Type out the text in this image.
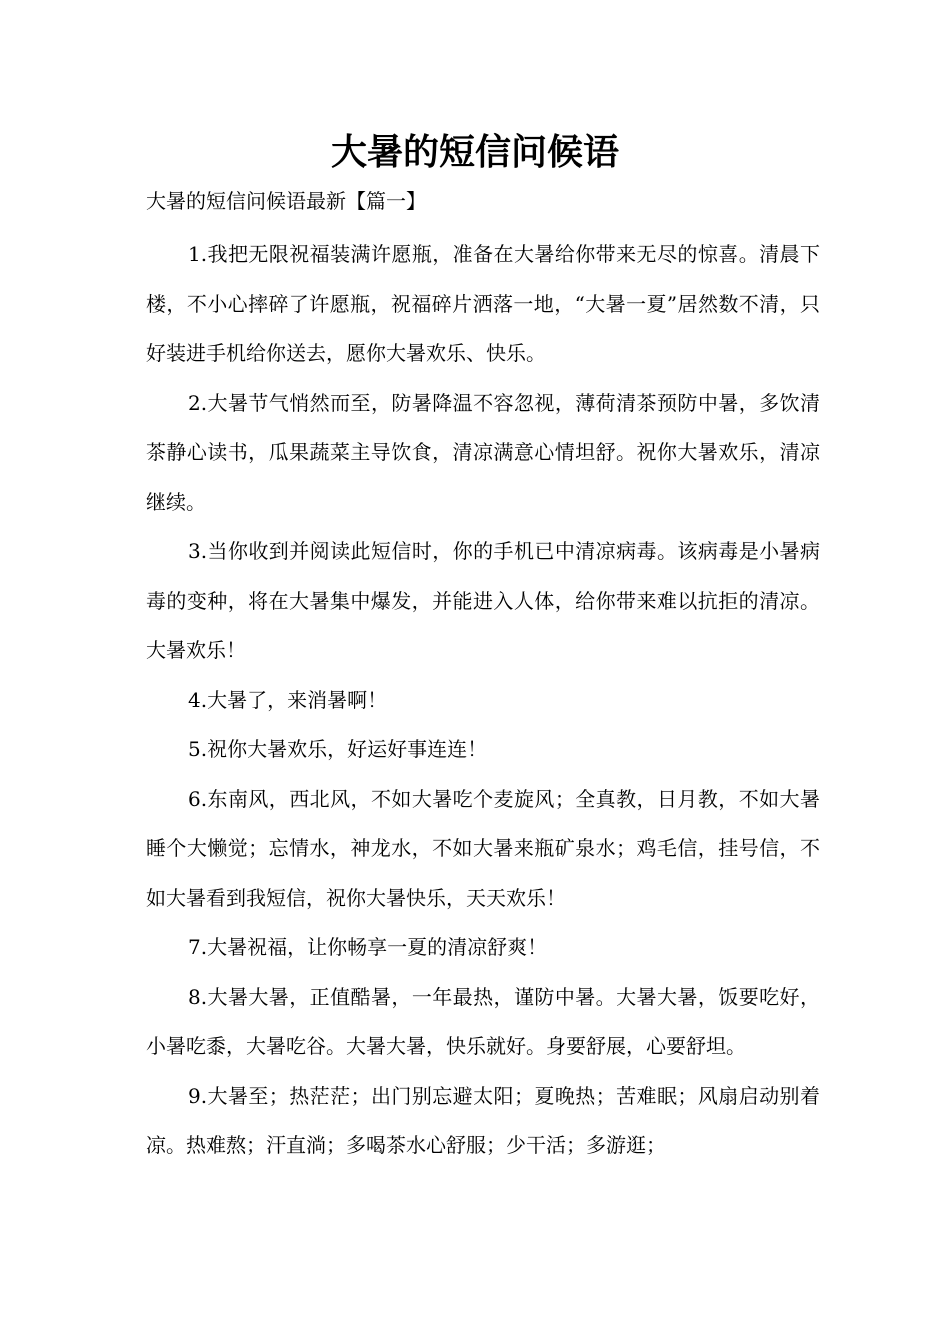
大暑的短信问候语

大暑的短信问候语最新【篇一】

1.我把无限祝福装满许愿瓶，准备在大暑给你带来无尽的惊喜。清晨下楼，不小心摔碎了许愿瓶，祝福碎片洒落一地，“大暑一夏”居然数不清，只好装进手机给你送去，愿你大暑欢乐、快乐。

2.大暑节气悄然而至，防暑降温不容忽视，薄荷清茶预防中暑，多饮清茶静心读书，瓜果蔬菜主导饮食，清凉满意心情坦舒。祝你大暑欢乐，清凉继续。

3.当你收到并阅读此短信时，你的手机已中清凉病毒。该病毒是小暑病毒的变种，将在大暑集中爆发，并能进入人体，给你带来难以抗拒的清凉。大暑欢乐！

4.大暑了，来消暑啊！

5.祝你大暑欢乐，好运好事连连！

6.东南风，西北风，不如大暑吃个麦旋风；全真教，日月教，不如大暑睡个大懒觉；忘情水，神龙水，不如大暑来瓶矿泉水；鸡毛信，挂号信，不如大暑看到我短信，祝你大暑快乐，天天欢乐！

7.大暑祝福，让你畅享一夏的清凉舒爽！

8.大暑大暑，正值酷暑，一年最热，谨防中暑。大暑大暑，饭要吃好，小暑吃黍，大暑吃谷。大暑大暑，快乐就好。身要舒展，心要舒坦。

9.大暑至；热茫茫；出门别忘避太阳；夏晚热；苦难眠；风扇启动别着凉。热难熬；汗直淌；多喝茶水心舒服；少干活；多游逛；
